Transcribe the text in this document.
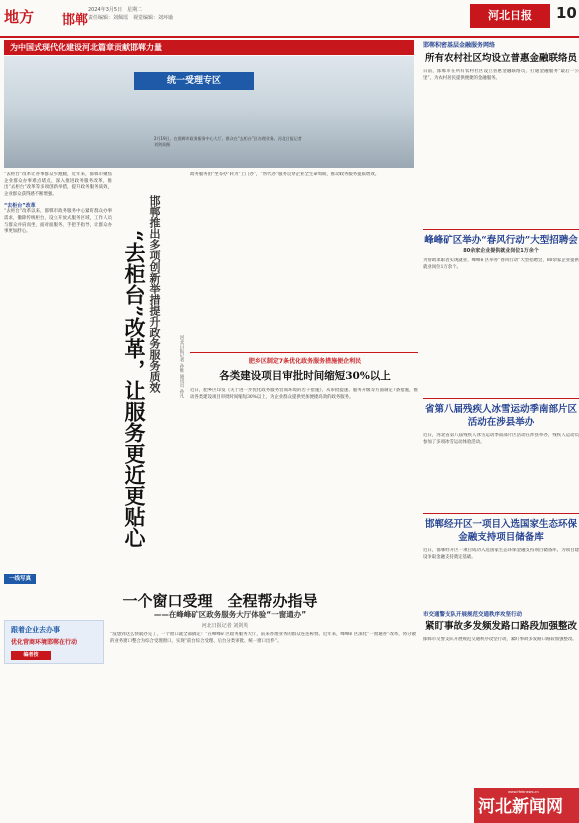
地方 邯郸
2024年3月5日　星期二
责任编辑：刘佩瑶　视觉编辑：刘环瑜	河北日报	10
为中国式现代化建设河北篇章贡献邯郸力量
统一受理专区
2月19日，在邯郸市政务服务中心大厅，群众在“去柜台”区办理业务。河北日报记者 刘剑英摄

“去柜台”改革让办事群众少跑腿，近年来，邯郸市聚焦企业群众办事难点堵点，深入推进政务服务改革，推出“去柜台”改革等多项创新举措，提升政务服务质效，企业群众获得感不断增强。

“去柜台”改革

“去柜台”改革以来，邯郸市政务服务中心紧盯群众办事需求，撤除传统柜台，设立开放式服务区域，工作人员与群众并肩而坐，面对面服务、手把手指导，让群众办事更加舒心。	“去柜台”改革，让服务更近更贴心 邯郸推出多项创新举措提升政务服务质效	河北日报记者 孙维 通讯员 孙凡

政务服务由“坐等办”转为“上门办”，“帮代办”服务贯穿企业全生命周期，推动政务服务提质增效。

肥乡区制定7条优化政务服务措施便企利民
各类建设项目审批时间缩短30%以上
近日，肥乡区印发《关于进一步优化政务服务营商环境的若干措施》，从审批提速、服务升级等方面制定7条措施，推动各类建设项目审批时间缩短30%以上，为企业群众提供更加便捷高效的政务服务。
一线写真
一个窗口受理　全程帮办指导
——在峰峰矿区政务服务大厅体验“一窗通办”
河北日报记者 刘剑英
跟着企业去办事
优化营商环境邯郸在行动
编者按
“没想到这么快就办完了，一个窗口就全部搞定！”在峰峰矿区政务服务大厅，前来办理业务的群众连连称赞。近年来，峰峰矿区深化“一窗通办”改革，将分散的业务窗口整合为综合受理窗口，实现“前台综合受理、后台分类审批、统一窗口出件”。
邯郸积密基层金融服务网络
所有农村社区均设立普惠金融联络员
日前，邯郸市在所有农村社区设立普惠金融联络员，打通金融服务“最后一公里”，为农村居民提供便捷的金融服务。
峰峰矿区举办“春风行动”大型招聘会
80余家企业提供就业岗位1万余个
为帮助求职者实现就业，峰峰矿区举办“春风行动”大型招聘会，80余家企业提供就业岗位1万余个。
省第八届残疾人冰雪运动季南部片区活动在涉县举办
近日，河北省第八届残疾人冰雪运动季南部片区活动在涉县举办，残疾人运动员参加了多项冰雪运动体验活动。
邯郸经开区一项目入选国家生态环保金融支持项目储备库
近日，邯郸经开区一项目成功入选国家生态环保金融支持项目储备库，为项目建设争取金融支持奠定基础。
市交通警支队开展规范交通秩序攻坚行动
紧盯事故多发频发路口路段加强整改
邯郸市交警支队开展规范交通秩序攻坚行动，紧盯事故多发路口路段加强整改。
河北新闻网
www.Hebnews.cn
